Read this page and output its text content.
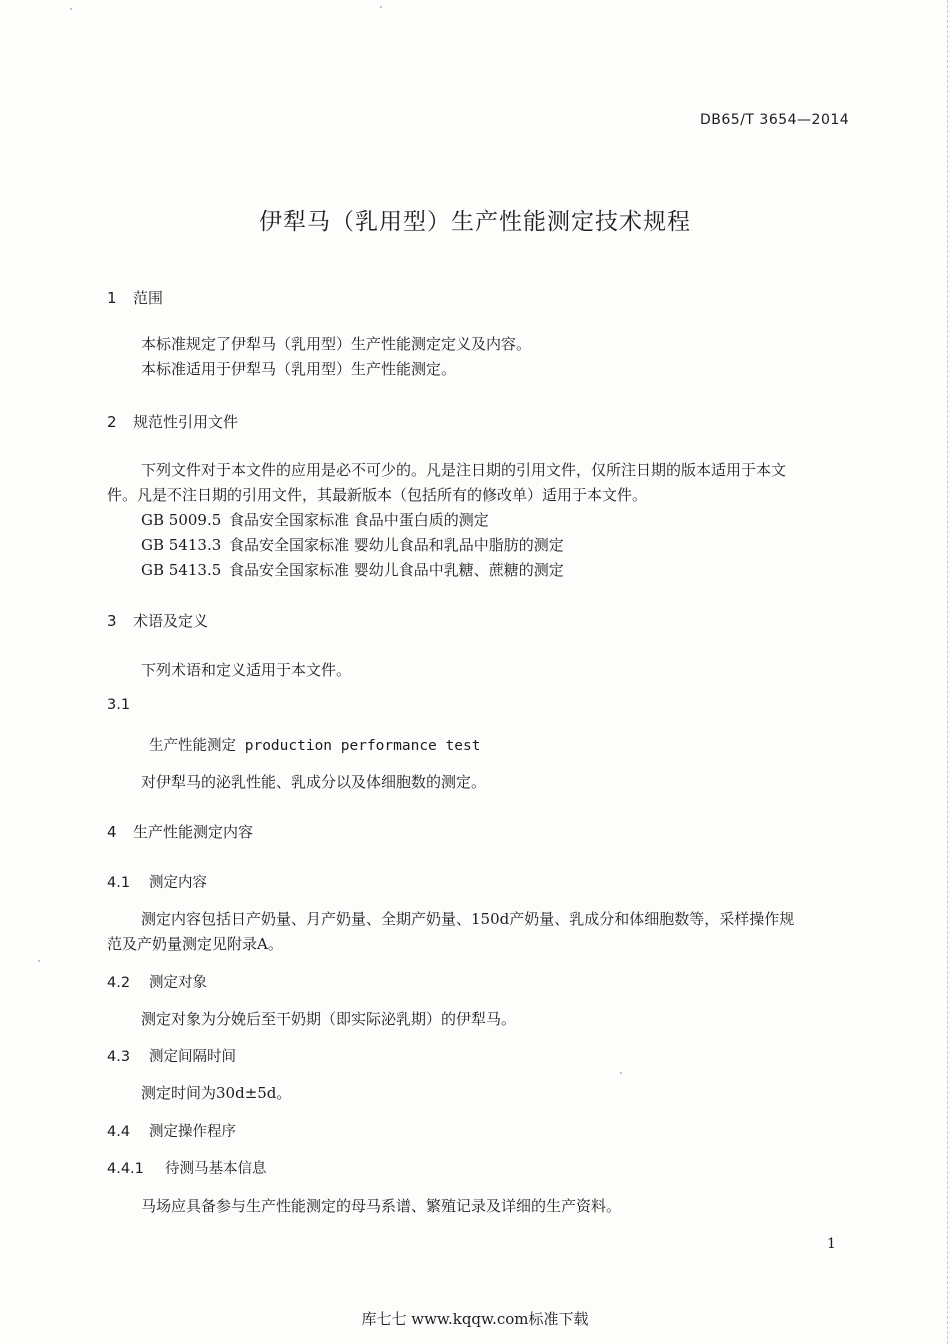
DB65/T 3654—2014
伊犁马（乳用型）生产性能测定技术规程
1 范围
本标准规定了伊犁马（乳用型）生产性能测定定义及内容。
本标准适用于伊犁马（乳用型）生产性能测定。
2 规范性引用文件
下列文件对于本文件的应用是必不可少的。凡是注日期的引用文件，仅所注日期的版本适用于本文
件。凡是不注日期的引用文件，其最新版本（包括所有的修改单）适用于本文件。
GB 5009.5 食品安全国家标准 食品中蛋白质的测定
GB 5413.3 食品安全国家标准 婴幼儿食品和乳品中脂肪的测定
GB 5413.5 食品安全国家标准 婴幼儿食品中乳糖、蔗糖的测定
3 术语及定义
下列术语和定义适用于本文件。
3.1
生产性能测定 production performance test
对伊犁马的泌乳性能、乳成分以及体细胞数的测定。
4 生产性能测定内容
4.1 测定内容
测定内容包括日产奶量、月产奶量、全期产奶量、150d产奶量、乳成分和体细胞数等，采样操作规
范及产奶量测定见附录A。
4.2 测定对象
测定对象为分娩后至干奶期（即实际泌乳期）的伊犁马。
4.3 测定间隔时间
测定时间为30d±5d。
4.4 测定操作程序
4.4.1 待测马基本信息
马场应具备参与生产性能测定的母马系谱、繁殖记录及详细的生产资料。
1
库七七 www.kqqw.com标准下载
